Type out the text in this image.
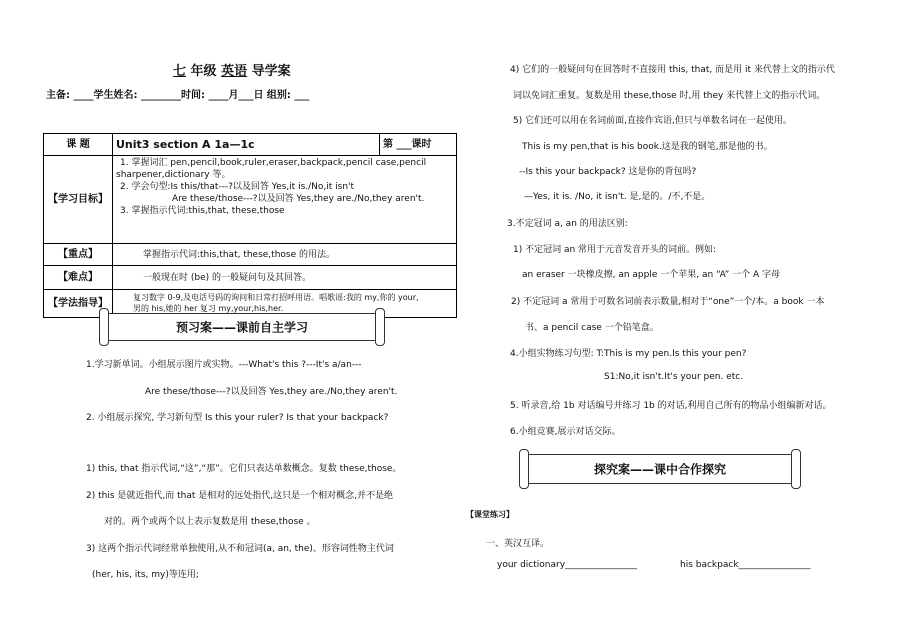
七 年级 英语 导学案
主备: ____学生姓名: ________时间: ____月___日 组别: ___
课 题	Unit3 section A 1a—1c	第 ___课时
【学习目标】	1. 掌握词汇 pen,pencil,book,ruler,eraser,backpack,pencil case,pencil
sharpener,dictionary 等。
2. 学会句型:Is this/that---?以及回答 Yes,it is./No,it isn't
Are these/those---?以及回答 Yes,they are./No,they aren't.
3. 掌握指示代词:this,that, these,those	

【重点】	掌握指示代词:this,that, these,those 的用法。	
【难点】	一般现在时 (be) 的一般疑问句及其回答。	
【学法指导】	复习数字 0-9,及电话号码的询问和日常打招呼用语。唱歌谣:我的 my,你的 your,
男的 his,她的 her 复习 my,your,his,her.	
预习案——课前自主学习
1.学习新单词。小组展示图片或实物。---What's this ?---It's a/an---
Are these/those---?以及回答 Yes,they are./No,they aren't.
2. 小组展示探究, 学习新句型 Is this your ruler? Is that your backpack?
1) this, that 指示代词,“这”,“那”。它们只表达单数概念。复数 these,those。
2) this 是就近指代,而 that 是相对的远处指代,这只是一个相对概念,并不是绝
对的。两个或两个以上表示复数是用 these,those 。
3) 这两个指示代词经常单独使用,从不和冠词(a, an, the)、形容词性物主代词
(her, his, its, my)等连用;
4) 它们的一般疑问句在回答时不直接用 this, that, 而是用 it 来代替上文的指示代
词以免词汇重复。复数是用 these,those 时,用 they 来代替上文的指示代词。
5) 它们还可以用在名词前面,直接作宾语,但只与单数名词在一起使用。
This is my pen,that is his book.这是我的钢笔,那是他的书。
--Is this your backpack? 这是你的背包吗?
—Yes, it is. /No, it isn't. 是,是的。/不,不是。
3.不定冠词 a, an 的用法区别:
1) 不定冠词 an 常用于元音发音开头的词前。例如:
an eraser 一块橡皮擦, an apple 一个苹果, an “A” 一个 A 字母
2) 不定冠词 a 常用于可数名词前表示数量,相对于“one”一个/本。a book 一本
书、a pencil case 一个铅笔盒。
4.小组实物练习句型: T:This is my pen.Is this your pen?
S1:No,it isn't.It's your pen. etc.
5. 听录音,给 1b 对话编号并练习 1b 的对话,利用自己所有的物品小组编新对话。
6.小组竞赛,展示对话交际。
探究案——课中合作探究
【课堂练习】
一、英汉互译。
your dictionary________________	his backpack________________
